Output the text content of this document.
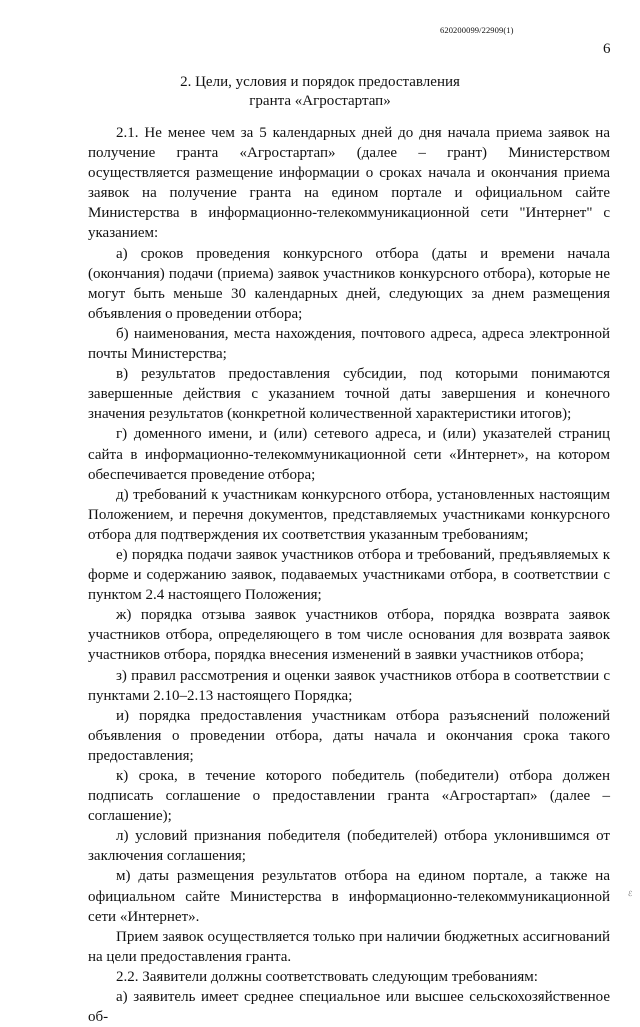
620200099/22909(1)
6
2. Цели, условия и порядок предоставления
гранта «Агростартап»

2.1. Не менее чем за 5 календарных дней до дня начала приема заявок на получение гранта «Агростартап» (далее – грант) Министерством осуществляется размещение информации о сроках начала и окончания приема заявок на получение гранта на едином портале и официальном сайте Министерства в информационно-телекоммуникационной сети "Интернет" с указанием:

а) сроков проведения конкурсного отбора (даты и времени начала (окончания) подачи (приема) заявок участников конкурсного отбора), которые не могут быть меньше 30 календарных дней, следующих за днем размещения объявления о проведении отбора;

б) наименования, места нахождения, почтового адреса, адреса электронной почты Министерства;

в) результатов предоставления субсидии, под которыми понимаются завершенные действия с указанием точной даты завершения и конечного значения результатов (конкретной количественной характеристики итогов);

г) доменного имени, и (или) сетевого адреса, и (или) указателей страниц сайта в информационно-телекоммуникационной сети «Интернет», на котором обеспечивается проведение отбора;

д) требований к участникам конкурсного отбора, установленных настоящим Положением, и перечня документов, представляемых участниками конкурсного отбора для подтверждения их соответствия указанным требованиям;

е) порядка подачи заявок участников отбора и требований, предъявляемых к форме и содержанию заявок, подаваемых участниками отбора, в соответствии с пунктом 2.4 настоящего Положения;

ж) порядка отзыва заявок участников отбора, порядка возврата заявок участников отбора, определяющего в том числе основания для возврата заявок участников отбора, порядка внесения изменений в заявки участников отбора;

з) правил рассмотрения и оценки заявок участников отбора в соответствии с пунктами 2.10–2.13 настоящего Порядка;

и) порядка предоставления участникам отбора разъяснений положений объявления о проведении отбора, даты начала и окончания срока такого предоставления;

к) срока, в течение которого победитель (победители) отбора должен подписать соглашение о предоставлении гранта «Агростартап» (далее – соглашение);

л) условий признания победителя (победителей) отбора уклонившимся от заключения соглашения;

м) даты размещения результатов отбора на едином портале, а также на официальном сайте Министерства в информационно-телекоммуникационной сети «Интернет».

Прием заявок осуществляется только при наличии бюджетных ассигнований на цели предоставления гранта.

2.2. Заявители должны соответствовать следующим требованиям:

а) заявитель имеет среднее специальное или высшее сельскохозяйственное об-

ℰ
